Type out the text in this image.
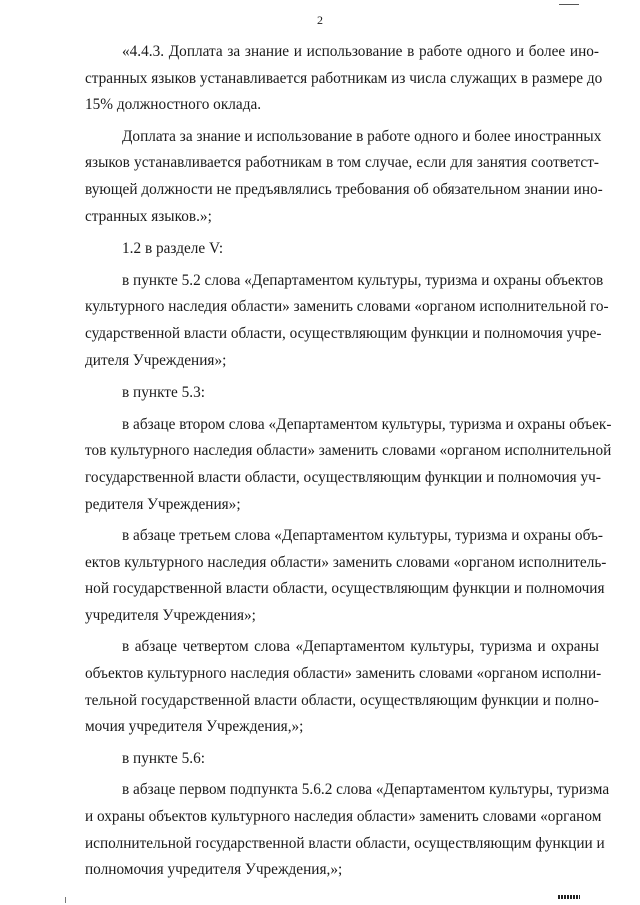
2
«4.4.3. Доплата за знание и использование в работе одного и более ино-
странных языков устанавливается работникам из числа служащих в размере до
15% должностного оклада.
Доплата за знание и использование в работе одного и более иностранных
языков устанавливается работникам в том случае, если для занятия соответст-
вующей должности не предъявлялись требования об обязательном знании ино-
странных языков.»;
1.2 в разделе V:
в пункте 5.2 слова «Департаментом культуры, туризма и охраны объектов
культурного наследия области» заменить словами «органом исполнительной го-
сударственной власти области, осуществляющим функции и полномочия учре-
дителя Учреждения»;
в пункте 5.3:
в абзаце втором слова «Департаментом культуры, туризма и охраны объек-
тов культурного наследия области» заменить словами «органом исполнительной
государственной власти области, осуществляющим функции и полномочия уч-
редителя Учреждения»;
в абзаце третьем слова «Департаментом культуры, туризма и охраны объ-
ектов культурного наследия области» заменить словами «органом исполнитель-
ной государственной власти области, осуществляющим функции и полномочия
учредителя Учреждения»;
в абзаце четвертом слова «Департаментом культуры, туризма и охраны
объектов культурного наследия области» заменить словами «органом исполни-
тельной государственной власти области, осуществляющим функции и полно-
мочия учредителя Учреждения,»;
в пункте 5.6:
в абзаце первом подпункта 5.6.2 слова «Департаментом культуры, туризма
и охраны объектов культурного наследия области» заменить словами «органом
исполнительной государственной власти области, осуществляющим функции и
полномочия учредителя Учреждения,»;
